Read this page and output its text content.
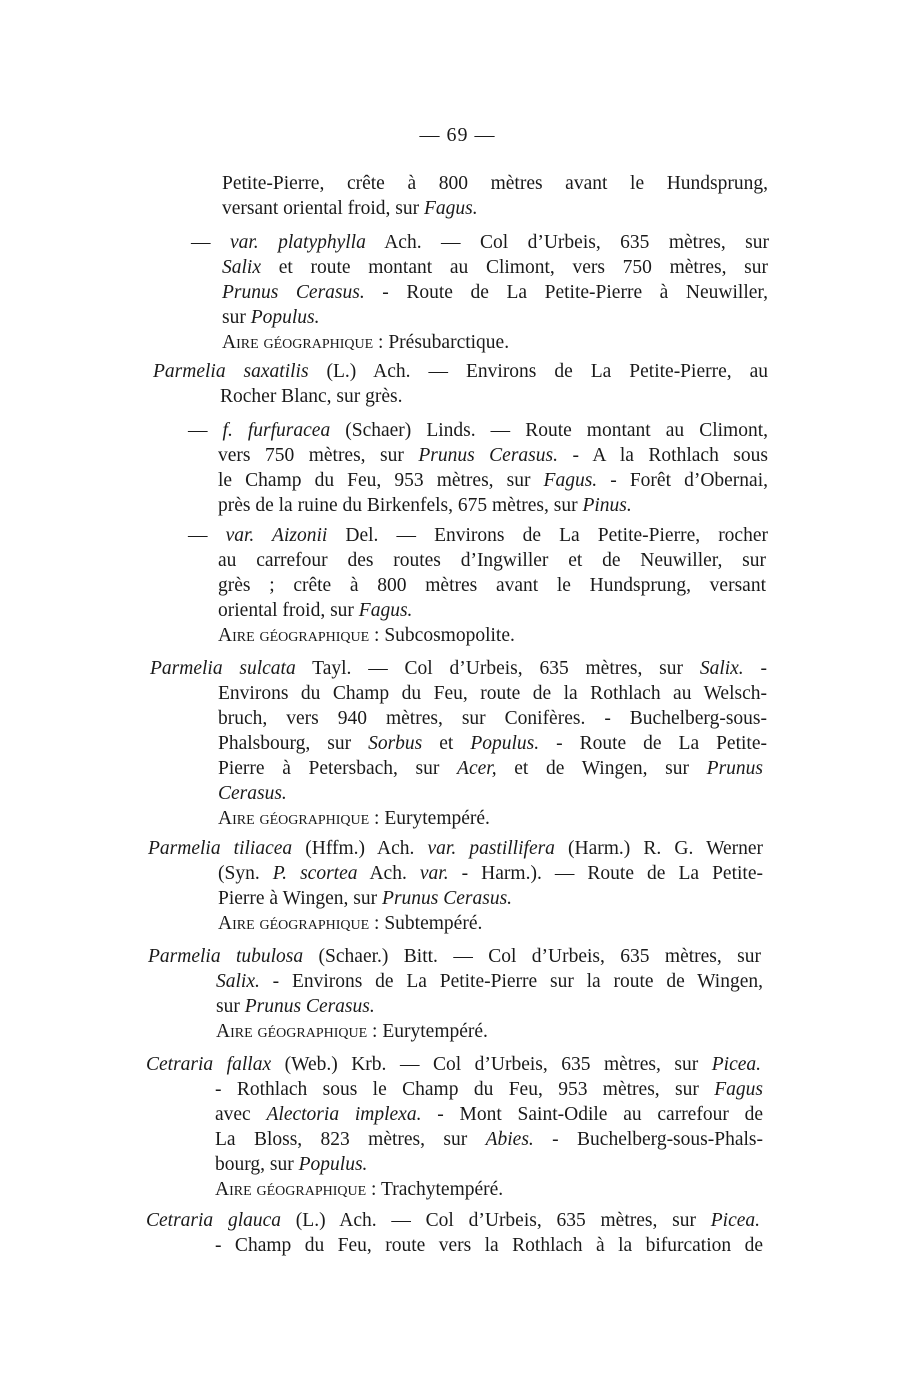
— 69 —
Petite-Pierre, crête à 800 mètres avant le Hundsprung,
versant oriental froid, sur Fagus.
— var. platyphylla Ach. — Col d’Urbeis, 635 mètres, sur
Salix et route montant au Climont, vers 750 mètres, sur
Prunus Cerasus. - Route de La Petite-Pierre à Neuwiller,
sur Populus.
Aire géographique : Présubarctique.
Parmelia saxatilis (L.) Ach. — Environs de La Petite-Pierre, au
Rocher Blanc, sur grès.
— f. furfuracea (Schaer) Linds. — Route montant au Climont,
vers 750 mètres, sur Prunus Cerasus. - A la Rothlach sous
le Champ du Feu, 953 mètres, sur Fagus. - Forêt d’Obernai,
près de la ruine du Birkenfels, 675 mètres, sur Pinus.
— var. Aizonii Del. — Environs de La Petite-Pierre, rocher
au carrefour des routes d’Ingwiller et de Neuwiller, sur
grès ; crête à 800 mètres avant le Hundsprung, versant
oriental froid, sur Fagus.
Aire géographique : Subcosmopolite.
Parmelia sulcata Tayl. — Col d’Urbeis, 635 mètres, sur Salix. -
Environs du Champ du Feu, route de la Rothlach au Welsch-
bruch, vers 940 mètres, sur Conifères. - Buchelberg-sous-
Phalsbourg, sur Sorbus et Populus. - Route de La Petite-
Pierre à Petersbach, sur Acer, et de Wingen, sur Prunus
Cerasus.
Aire géographique : Eurytempéré.
Parmelia tiliacea (Hffm.) Ach. var. pastillifera (Harm.) R. G. Werner
(Syn. P. scortea Ach. var. - Harm.). — Route de La Petite-
Pierre à Wingen, sur Prunus Cerasus.
Aire géographique : Subtempéré.
Parmelia tubulosa (Schaer.) Bitt. — Col d’Urbeis, 635 mètres, sur
Salix. - Environs de La Petite-Pierre sur la route de Wingen,
sur Prunus Cerasus.
Aire géographique : Eurytempéré.
Cetraria fallax (Web.) Krb. — Col d’Urbeis, 635 mètres, sur Picea.
- Rothlach sous le Champ du Feu, 953 mètres, sur Fagus
avec Alectoria implexa. - Mont Saint-Odile au carrefour de
La Bloss, 823 mètres, sur Abies. - Buchelberg-sous-Phals-
bourg, sur Populus.
Aire géographique : Trachytempéré.
Cetraria glauca (L.) Ach. — Col d’Urbeis, 635 mètres, sur Picea.
- Champ du Feu, route vers la Rothlach à la bifurcation de
